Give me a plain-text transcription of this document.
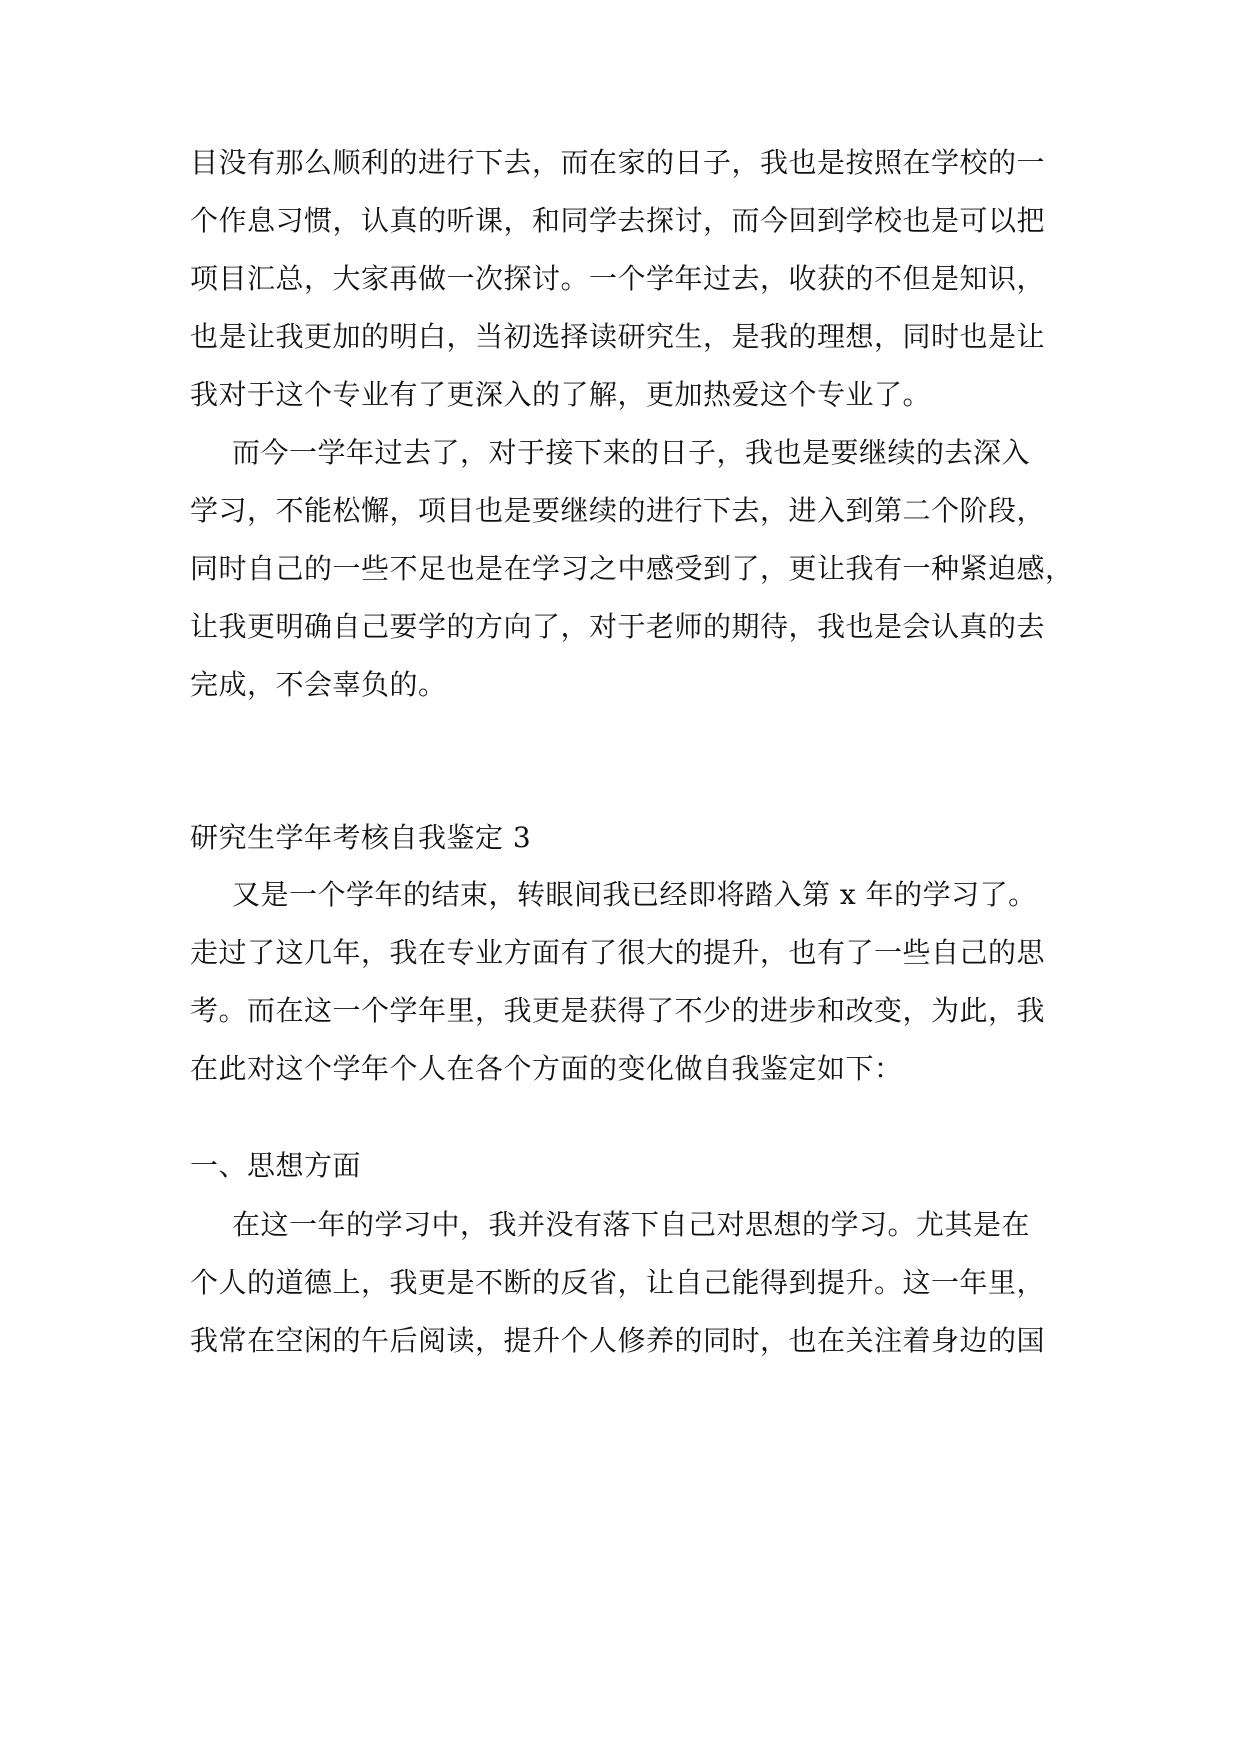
目没有那么顺利的进行下去，而在家的日子，我也是按照在学校的一
个作息习惯，认真的听课，和同学去探讨，而今回到学校也是可以把
项目汇总，大家再做一次探讨。一个学年过去，收获的不但是知识，
也是让我更加的明白，当初选择读研究生，是我的理想，同时也是让
我对于这个专业有了更深入的了解，更加热爱这个专业了。
而今一学年过去了，对于接下来的日子，我也是要继续的去深入
学习，不能松懈，项目也是要继续的进行下去，进入到第二个阶段，
同时自己的一些不足也是在学习之中感受到了，更让我有一种紧迫感，
让我更明确自己要学的方向了，对于老师的期待，我也是会认真的去
完成，不会辜负的。
研究生学年考核自我鉴定 3
又是一个学年的结束，转眼间我已经即将踏入第 x 年的学习了。
走过了这几年，我在专业方面有了很大的提升，也有了一些自己的思
考。而在这一个学年里，我更是获得了不少的进步和改变，为此，我
在此对这个学年个人在各个方面的变化做自我鉴定如下：
一、思想方面
在这一年的学习中，我并没有落下自己对思想的学习。尤其是在
个人的道德上，我更是不断的反省，让自己能得到提升。这一年里，
我常在空闲的午后阅读，提升个人修养的同时，也在关注着身边的国
